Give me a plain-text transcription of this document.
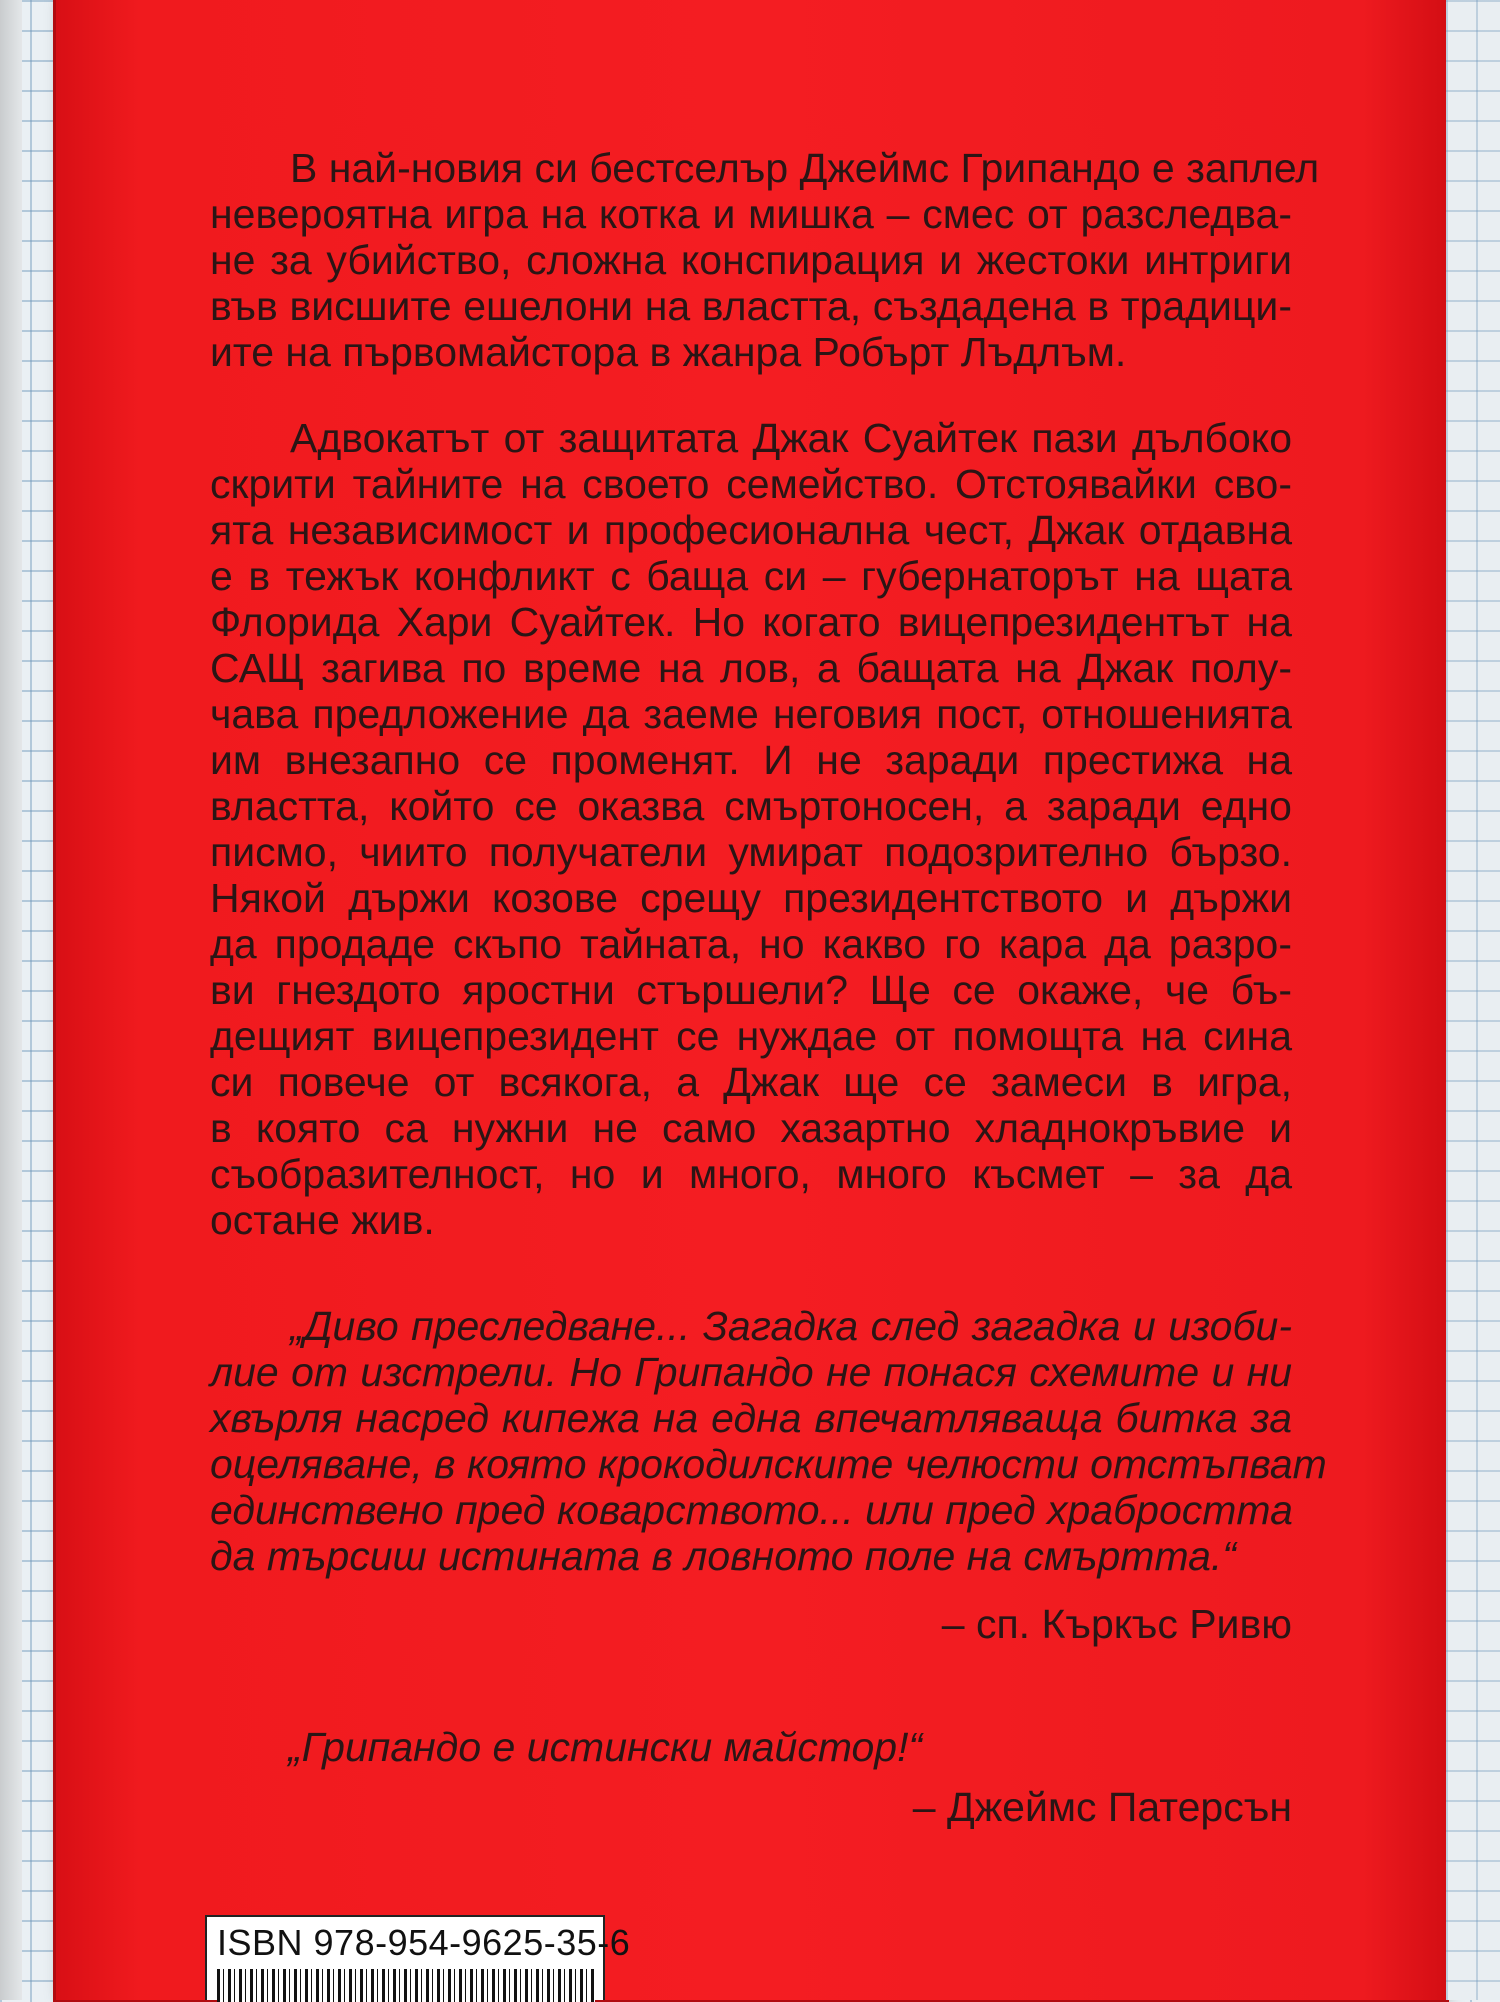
В най-новия си бестселър Джеймс Грипандо е заплел
невероятна игра на котка и мишка – смес от разследва-
не за убийство, сложна конспирация и жестоки интриги
във висшите ешелони на властта, създадена в традици-
ите на първомайстора в жанра Робърт Лъдлъм.
Адвокатът от защитата Джак Суайтек пази дълбоко
скрити тайните на своето семейство. Отстоявайки сво-
ята независимост и професионална чест, Джак отдавна
е в тежък конфликт с баща си – губернаторът на щата
Флорида Хари Суайтек. Но когато вицепрезидентът на
САЩ загива по време на лов, а бащата на Джак полу-
чава предложение да заеме неговия пост, отношенията
им внезапно се променят. И не заради престижа на
властта, който се оказва смъртоносен, а заради едно
писмо, чиито получатели умират подозрително бързо.
Някой държи козове срещу президентството и държи
да продаде скъпо тайната, но какво го кара да разро-
ви гнездото яростни стършели? Ще се окаже, че бъ-
дещият вицепрезидент се нуждае от помощта на сина
си повече от всякога, а Джак ще се замеси в игра,
в която са нужни не само хазартно хладнокръвие и
съобразителност, но и много, много късмет – за да
остане жив.
„Диво преследване... Загадка след загадка и изоби-
лие от изстрели. Но Грипандо не понася схемите и ни
хвърля насред кипежа на една впечатляваща битка за
оцеляване, в която крокодилските челюсти отстъпват
единствено пред коварството... или пред храбростта
да търсиш истината в ловното поле на смъртта.“
– сп. Къркъс Ривю
„Грипандо е истински майстор!“
– Джеймс Патерсън
ISBN 978-954-9625-35-6
